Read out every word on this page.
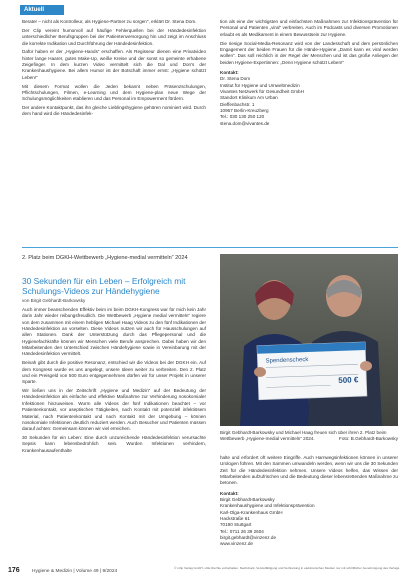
Aktuell

Berater – nicht als Kontrolleur, als Hygiene-Partner zu sorgen", erklärt Dr. Stena Dom.

Der Clip vereint humorvoll auf häufige Fehlerquellen bei der Händedesinfektion unterschiedlicher Berufsgruppen bei der Patientenversorgung hin und zeigt im Anschluss die korrekte Indikation und Durchführung der Händedesinfektion.

Dafür haben er der „Hygiene-Hands“ erschaffen. Als Regisseur dienen eine Privatvideo hinter lange Haarer, gutes Make-Up, weiße Kreise und der sonst so gemeinte erhabene Zeigefinger. In dem kurzen Video vermittelt sich die Dal und Don's der Krankenhaushygiene. Bei allem Humor ist der Botschaft immer ernst: „Hygiene schützt Leben!“

Mit diesem Format wollen die Jeden bekannt neben Präsenzschulungen, Pflichtschulungen, Filmen, e-Learning und dem Hygiene-plan neue Wege der Schulungsmöglichkeiten etablieren und das Personal im Empowerment fördern.

Der andere Kontaktpunkt, das ihn gleiche Lieblingshygiene gehören nominiert wird. Durch dem hand wird die Händedesinfek-

tion als eine der wichtigsten und einfachsten Maßnahmen zur Infektionsprävention für Personal und Patienten „viral“ verbreiten. Auch im Podcasts und diversen Promotionen erlaubt es als Medikament in einem Bewusstsein zur Hygiene.

Die riesige Social-Media-Resonanz wird von der Landesschaft und dem persönlichen Engagement der beiden Frauen für die Hände-Hygiene „Damit kann es viral werden wollen“. Das soll reichlich in der Regel der Menschen und ist das große Anliegen der beiden Hygiene-Expertinnen: „Denn Hygiene schützt Leben!“

Kontakt:
Dr. Stena Dom
Institut für Hygiene und Umweltmedizin
Vivantes Netzwerk für Gesundheit GmbH
Standort Klinikum Am Urban
Dieffenbachstr. 1
10967 Berlin-Kreuzberg
Tel.: 030 130 250 120
stena.dom@vivantes.de
2. Platz beim DGKH-Wettbewerb „Hygiene-medial vermitteln“ 2024
30 Sekunden für ein Leben – Erfolgreich mit Schulungs-Videos zur Händehygiene
von Birgit Gebhardt-Barkowsky

Auch immer beanschenden Effektiv beim im beim DGKH-Kongress war für mich kein Jahr darin Jahr wieder reibungsfreudlich. Die Wettbewerb „Hygiene medial vermitteln“ regiere von dem zusammen mit einem hebligen Michael Haag Videos zu den fünf Indikationen der Händedesinfektion an vorselten. Diese Videos nutzen wir auch für Hausschulungen auf allen Stationen. Dank der Unterstützung durch das Pflegepersonal und die Hygienefachkräfte können wir Menschen viele Berufe ansprechen. Dabei haben wir den Mitarbeitenden den Unterschied zwischen Händehygiene sowie in Vereinbarung mit der Händedesinfektion vermittelt.

Beinah gibt durch die positive Resonanz, entschied wir die Videos bei der DGKH ein. Auf dem Kongress wurde es uns angelegt, unsere Ideen weiter zu verbreiten. Den 2. Platz und ein Preisgeld von 500 Euro entgegennehmen dürfen wir für unser Projekt in unserer Sparte.

Wir ließen uns in der Zeitschrift „Hygiene und Medizin“ auf der Bedeutung der Händedesinfektion als einfache und effektive Maßnahme zur Verhinderung nosokomialer Infektionen hinzuweisen. Wurm alle Videos der fünf Indikationen beachtet – vor Patientenkontakt, vor aseptischen Tätigkeiten, nach Kontakt mit potenziell infektiösem Material, nach Patientenkontakt und nach Kontakt mit der Umgebung – können nosokomiale Infektionen deutlich reduziert werden. Auch Besucher und Patienten müssen darauf achten: Gemeinsam können wir viel erreichen.

30 Sekunden für ein Leben: Eine durch unzureichende Händedesinfektion verursachte Sepsis kann lebensbedrohlich sein. Wurden Infektionen verhindern, Krankenhausaufenthalte

Spendenscheck
500 €
Birgit Gebhardt-Barkowsky und Michael Haag freuen sich über ihren 2. Platz beim Wettbewerb „Hygiene-medial vermitteln“ 2024.	Foto: B.Gebhardt-Barkowsky

halte und erfordert oft weitere Eingriffe. Auch Harnwegsinfektionen können in unserer Urologen führen. Mit den Sammen umwandeln werden, wenn wir uns die 30 Sekunden Zeit für die Händedesinfektion nehmen. Unsere Videos helfen, das Wissen der Mitarbeitenden aufzufrischen und die Bedeutung dieser lebensrettenden Maßnahme zu betonen.

Kontakt:
Birgit Gebhardt-Barkowsky
Krankenhaushygiene und Infektionsprävention
Karl-Olga-Krankenhaus GmbH
Hackstraße 61
70190 Stuttgart
Tel.: 0711 26 39 2604
birgit.gebhardt@vinzenz.de
www.vinzenz.de
176	Hygiene & Medizin | Volume 49 | 9/2024
© mhp Verlag GmbH • Alle Rechte vorbehalten. Nachdruck, Vervielfältigung und Verbreitung in elektronischen Medien nur mit schriftlicher Genehmigung des Verlags.
